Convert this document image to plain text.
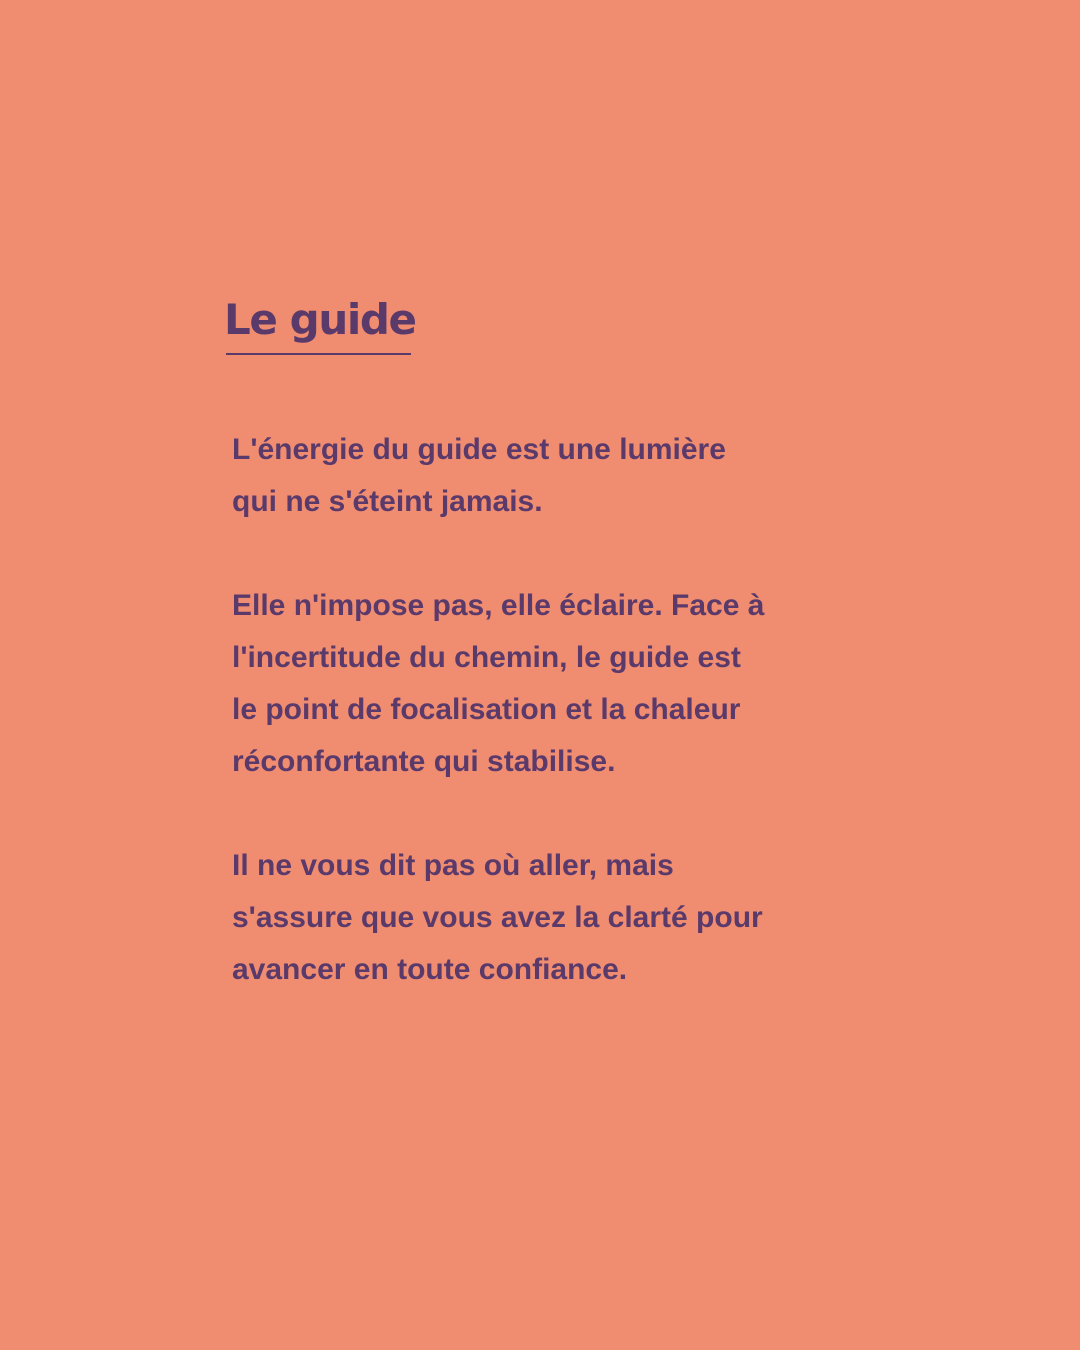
Le guide

L'énergie du guide est une lumière
qui ne s'éteint jamais.

Elle n'impose pas, elle éclaire. Face à
l'incertitude du chemin, le guide est
le point de focalisation et la chaleur
réconfortante qui stabilise.

Il ne vous dit pas où aller, mais
s'assure que vous avez la clarté pour
avancer en toute confiance.
